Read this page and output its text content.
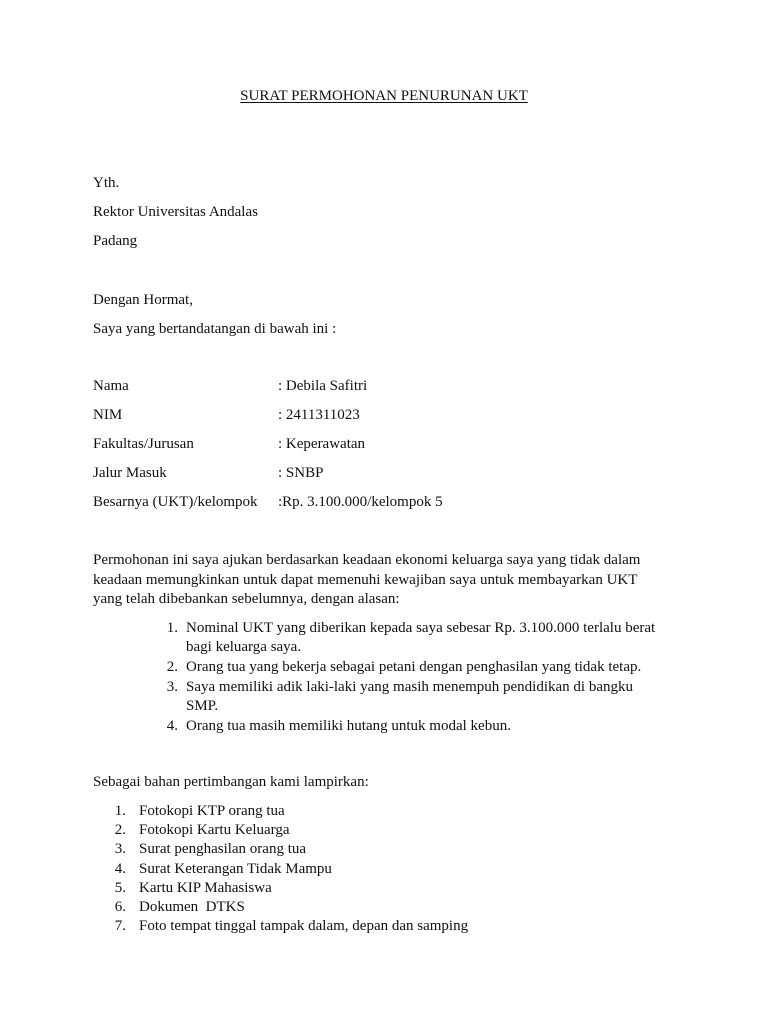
SURAT PERMOHONAN PENURUNAN UKT
Yth.
Rektor Universitas Andalas
Padang
Dengan Hormat,
Saya yang bertandatangan di bawah ini :
Nama	: Debila Safitri
NIM	: 2411311023
Fakultas/Jurusan	: Keperawatan
Jalur Masuk	: SNBP
Besarnya (UKT)/kelompok :Rp. 3.100.000/kelompok 5
Permohonan ini saya ajukan berdasarkan keadaan ekonomi keluarga saya yang tidak dalam
keadaan memungkinkan untuk dapat memenuhi kewajiban saya untuk membayarkan UKT
yang telah dibebankan sebelumnya, dengan alasan:
1. Nominal UKT yang diberikan kepada saya sebesar Rp. 3.100.000 terlalu berat
bagi keluarga saya.
2. Orang tua yang bekerja sebagai petani dengan penghasilan yang tidak tetap.
3. Saya memiliki adik laki-laki yang masih menempuh pendidikan di bangku
SMP.
4. Orang tua masih memiliki hutang untuk modal kebun.
Sebagai bahan pertimbangan kami lampirkan:
1. Fotokopi KTP orang tua
2. Fotokopi Kartu Keluarga
3. Surat penghasilan orang tua
4. Surat Keterangan Tidak Mampu
5. Kartu KIP Mahasiswa
6. Dokumen  DTKS
7. Foto tempat tinggal tampak dalam, depan dan samping
